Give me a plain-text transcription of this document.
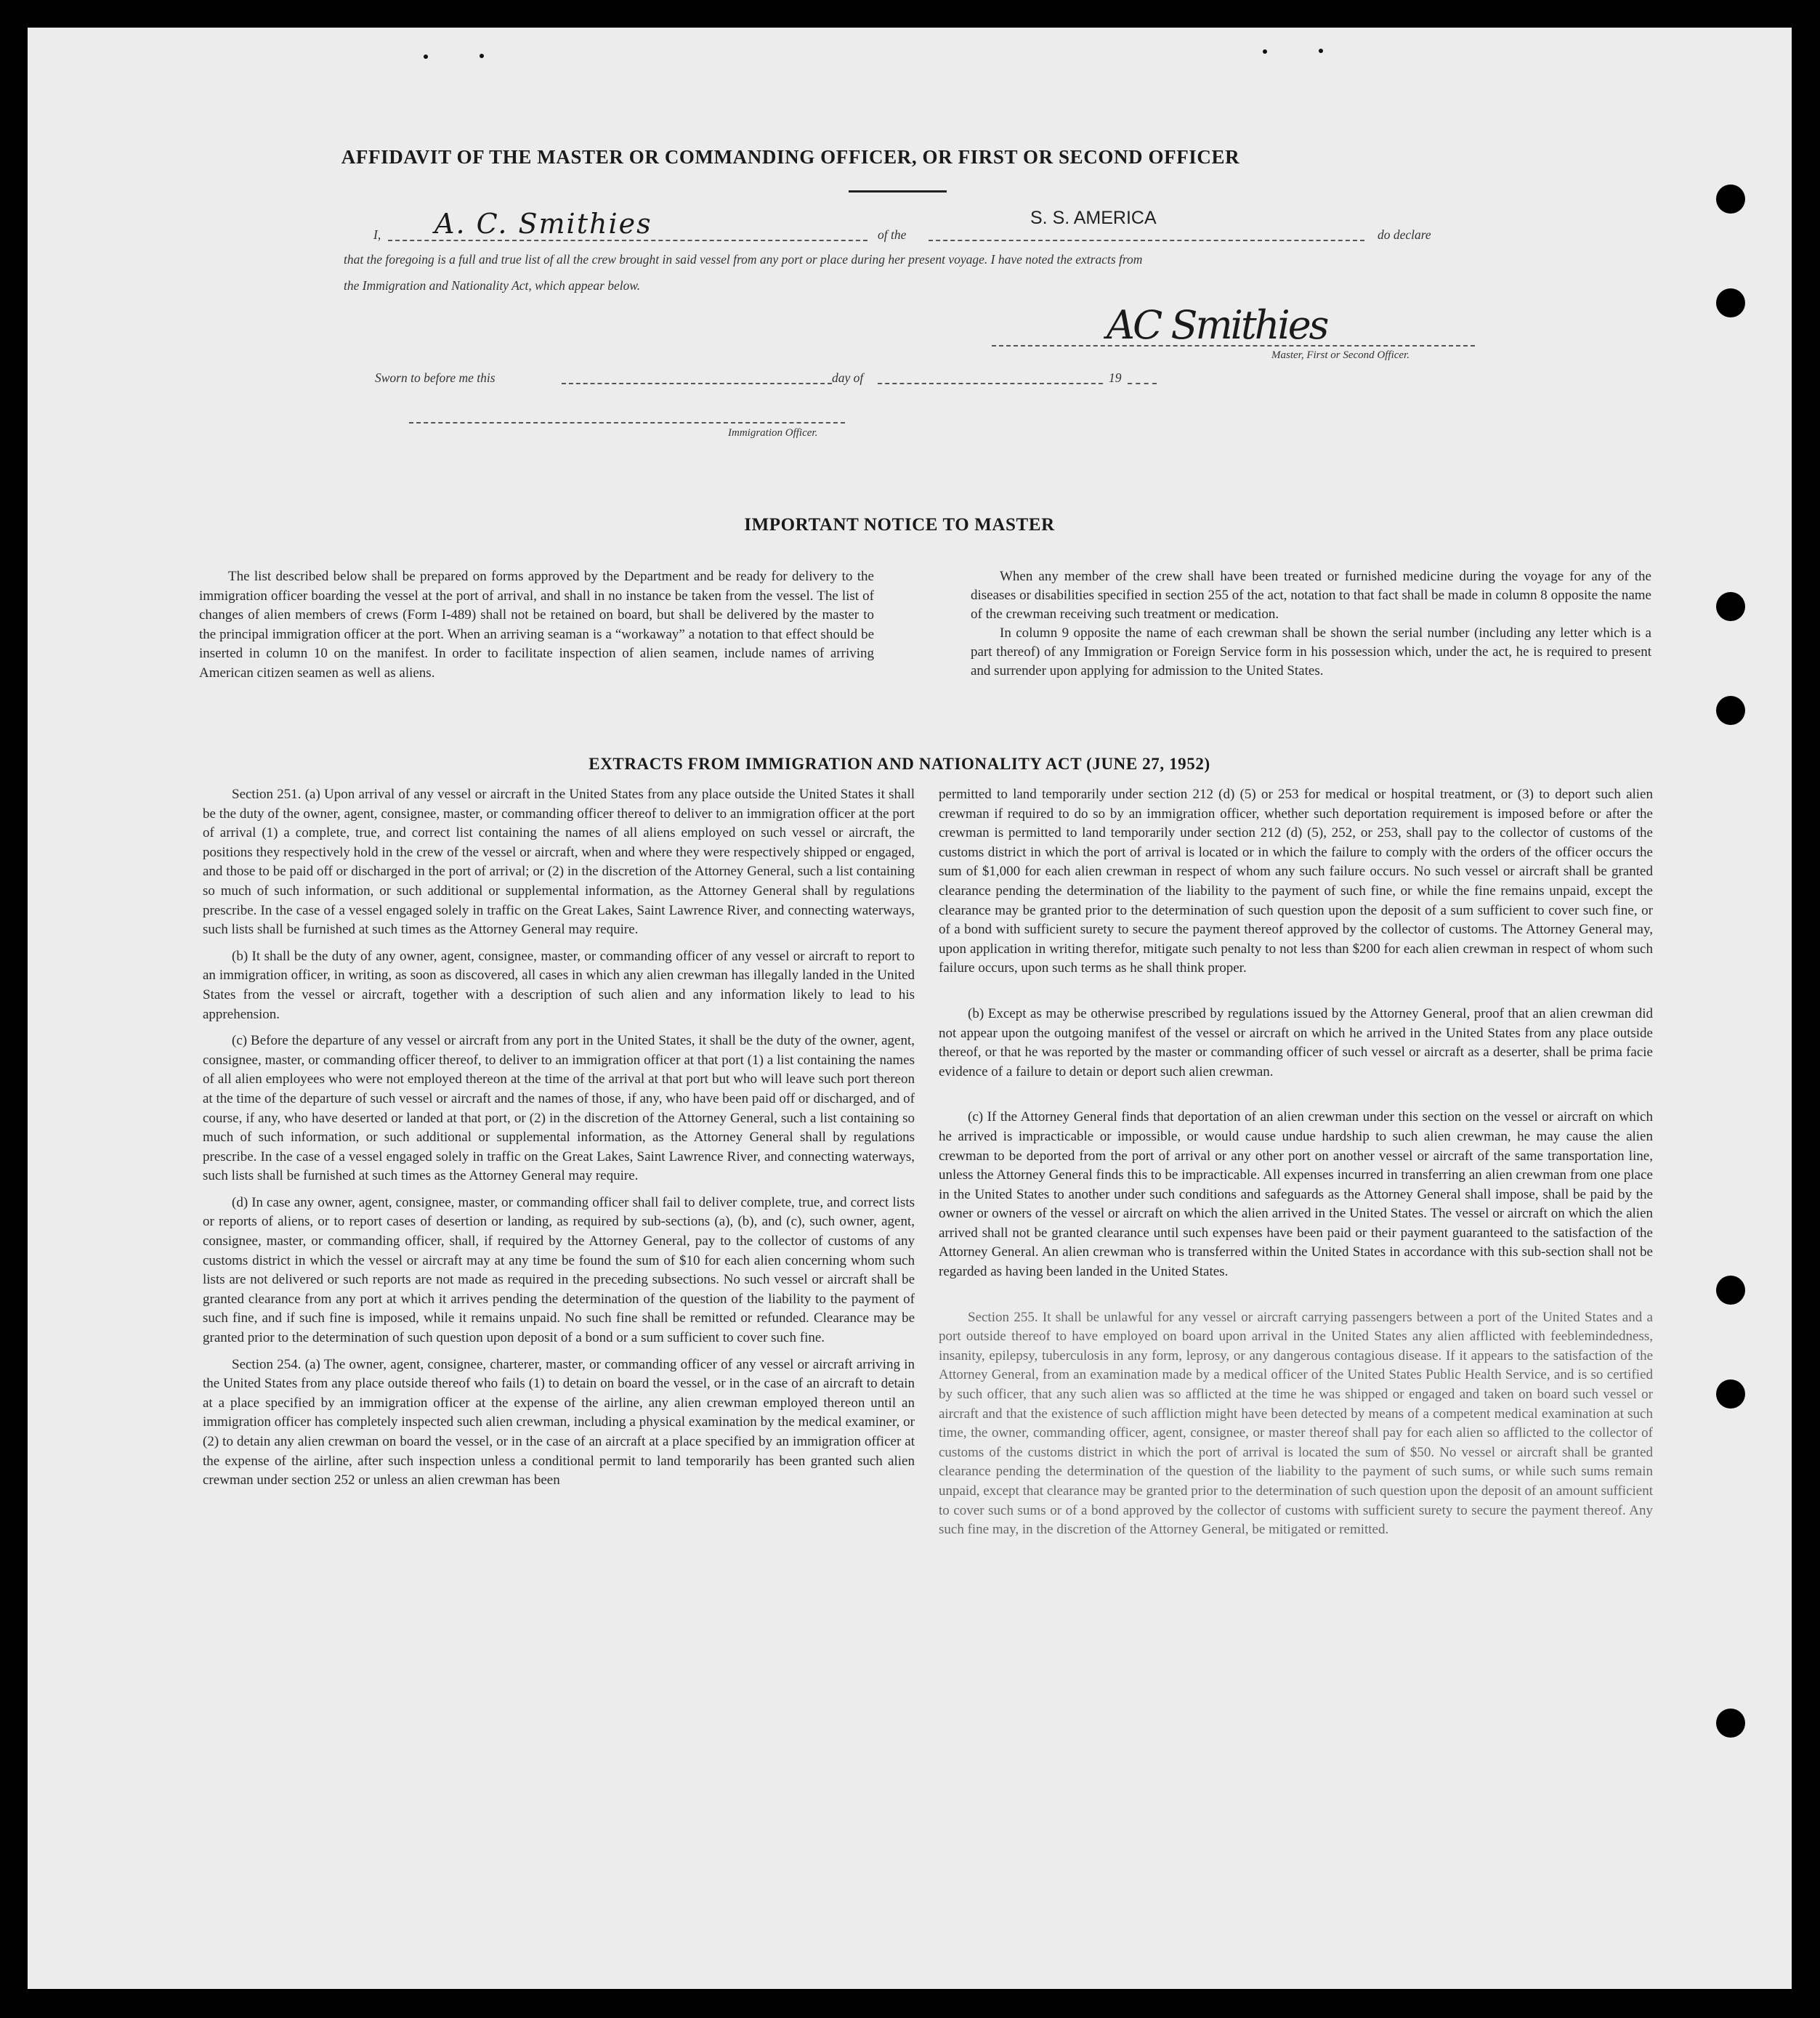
AFFIDAVIT OF THE MASTER OR COMMANDING OFFICER, OR FIRST OR SECOND OFFICER
I, A. C. Smithies	of the
S. S. AMERICA
do declare
that the foregoing is a full and true list of all the crew brought in said vessel from any port or place during her present voyage. I have noted the extracts from
the Immigration and Nationality Act, which appear below.
AC Smithies
Master, First or Second Officer.
Sworn to before me this	day of	19
Immigration Officer.
IMPORTANT NOTICE TO MASTER

The list described below shall be prepared on forms approved by the Department and be ready for delivery to the immigration officer boarding the vessel at the port of arrival, and shall in no instance be taken from the vessel. The list of changes of alien members of crews (Form I-489) shall not be retained on board, but shall be delivered by the master to the principal immigration officer at the port. When an arriving seaman is a “workaway” a notation to that effect should be inserted in column 10 on the manifest. In order to facilitate inspection of alien seamen, include names of arriving American citizen seamen as well as aliens.

When any member of the crew shall have been treated or furnished medicine during the voyage for any of the diseases or disabilities specified in section 255 of the act, notation to that fact shall be made in column 8 opposite the name of the crewman receiving such treatment or medication.

In column 9 opposite the name of each crewman shall be shown the serial number (including any letter which is a part thereof) of any Immigration or Foreign Service form in his possession which, under the act, he is required to present and surrender upon applying for admission to the United States.

EXTRACTS FROM IMMIGRATION AND NATIONALITY ACT (JUNE 27, 1952)

Section 251. (a) Upon arrival of any vessel or aircraft in the United States from any place outside the United States it shall be the duty of the owner, agent, consignee, master, or commanding officer thereof to deliver to an immigration officer at the port of arrival (1) a complete, true, and correct list containing the names of all aliens employed on such vessel or aircraft, the positions they respectively hold in the crew of the vessel or aircraft, when and where they were respectively shipped or engaged, and those to be paid off or discharged in the port of arrival; or (2) in the discretion of the Attorney General, such a list containing so much of such information, or such additional or supplemental information, as the Attorney General shall by regulations prescribe. In the case of a vessel engaged solely in traffic on the Great Lakes, Saint Lawrence River, and connecting waterways, such lists shall be furnished at such times as the Attorney General may require.

(b) It shall be the duty of any owner, agent, consignee, master, or commanding officer of any vessel or aircraft to report to an immigration officer, in writing, as soon as discovered, all cases in which any alien crewman has illegally landed in the United States from the vessel or aircraft, together with a description of such alien and any information likely to lead to his apprehension.

(c) Before the departure of any vessel or aircraft from any port in the United States, it shall be the duty of the owner, agent, consignee, master, or commanding officer thereof, to deliver to an immigration officer at that port (1) a list containing the names of all alien employees who were not employed thereon at the time of the arrival at that port but who will leave such port thereon at the time of the departure of such vessel or aircraft and the names of those, if any, who have been paid off or discharged, and of course, if any, who have deserted or landed at that port, or (2) in the discretion of the Attorney General, such a list containing so much of such information, or such additional or supplemental information, as the Attorney General shall by regulations prescribe. In the case of a vessel engaged solely in traffic on the Great Lakes, Saint Lawrence River, and connecting waterways, such lists shall be furnished at such times as the Attorney General may require.

(d) In case any owner, agent, consignee, master, or commanding officer shall fail to deliver complete, true, and correct lists or reports of aliens, or to report cases of desertion or landing, as required by sub-sections (a), (b), and (c), such owner, agent, consignee, master, or commanding officer, shall, if required by the Attorney General, pay to the collector of customs of any customs district in which the vessel or aircraft may at any time be found the sum of $10 for each alien concerning whom such lists are not delivered or such reports are not made as required in the preceding subsections. No such vessel or aircraft shall be granted clearance from any port at which it arrives pending the determination of the question of the liability to the payment of such fine, and if such fine is imposed, while it remains unpaid. No such fine shall be remitted or refunded. Clearance may be granted prior to the determination of such question upon deposit of a bond or a sum sufficient to cover such fine.

Section 254. (a) The owner, agent, consignee, charterer, master, or commanding officer of any vessel or aircraft arriving in the United States from any place outside thereof who fails (1) to detain on board the vessel, or in the case of an aircraft to detain at a place specified by an immigration officer at the expense of the airline, any alien crewman employed thereon until an immigration officer has completely inspected such alien crewman, including a physical examination by the medical examiner, or (2) to detain any alien crewman on board the vessel, or in the case of an aircraft at a place specified by an immigration officer at the expense of the airline, after such inspection unless a conditional permit to land temporarily has been granted such alien crewman under section 252 or unless an alien crewman has been

permitted to land temporarily under section 212 (d) (5) or 253 for medical or hospital treatment, or (3) to deport such alien crewman if required to do so by an immigration officer, whether such deportation requirement is imposed before or after the crewman is permitted to land temporarily under section 212 (d) (5), 252, or 253, shall pay to the collector of customs of the customs district in which the port of arrival is located or in which the failure to comply with the orders of the officer occurs the sum of $1,000 for each alien crewman in respect of whom any such failure occurs. No such vessel or aircraft shall be granted clearance pending the determination of the liability to the payment of such fine, or while the fine remains unpaid, except the clearance may be granted prior to the determination of such question upon the deposit of a sum sufficient to cover such fine, or of a bond with sufficient surety to secure the payment thereof approved by the collector of customs. The Attorney General may, upon application in writing therefor, mitigate such penalty to not less than $200 for each alien crewman in respect of whom such failure occurs, upon such terms as he shall think proper.

(b) Except as may be otherwise prescribed by regulations issued by the Attorney General, proof that an alien crewman did not appear upon the outgoing manifest of the vessel or aircraft on which he arrived in the United States from any place outside thereof, or that he was reported by the master or commanding officer of such vessel or aircraft as a deserter, shall be prima facie evidence of a failure to detain or deport such alien crewman.

(c) If the Attorney General finds that deportation of an alien crewman under this section on the vessel or aircraft on which he arrived is impracticable or impossible, or would cause undue hardship to such alien crewman, he may cause the alien crewman to be deported from the port of arrival or any other port on another vessel or aircraft of the same transportation line, unless the Attorney General finds this to be impracticable. All expenses incurred in transferring an alien crewman from one place in the United States to another under such conditions and safeguards as the Attorney General shall impose, shall be paid by the owner or owners of the vessel or aircraft on which the alien arrived in the United States. The vessel or aircraft on which the alien arrived shall not be granted clearance until such expenses have been paid or their payment guaranteed to the satisfaction of the Attorney General. An alien crewman who is transferred within the United States in accordance with this sub-section shall not be regarded as having been landed in the United States.

Section 255. It shall be unlawful for any vessel or aircraft carrying passengers between a port of the United States and a port outside thereof to have employed on board upon arrival in the United States any alien afflicted with feeblemindedness, insanity, epilepsy, tuberculosis in any form, leprosy, or any dangerous contagious disease. If it appears to the satisfaction of the Attorney General, from an examination made by a medical officer of the United States Public Health Service, and is so certified by such officer, that any such alien was so afflicted at the time he was shipped or engaged and taken on board such vessel or aircraft and that the existence of such affliction might have been detected by means of a competent medical examination at such time, the owner, commanding officer, agent, consignee, or master thereof shall pay for each alien so afflicted to the collector of customs of the customs district in which the port of arrival is located the sum of $50. No vessel or aircraft shall be granted clearance pending the determination of the question of the liability to the payment of such sums, or while such sums remain unpaid, except that clearance may be granted prior to the determination of such question upon the deposit of an amount sufficient to cover such sums or of a bond approved by the collector of customs with sufficient surety to secure the payment thereof. Any such fine may, in the discretion of the Attorney General, be mitigated or remitted.
